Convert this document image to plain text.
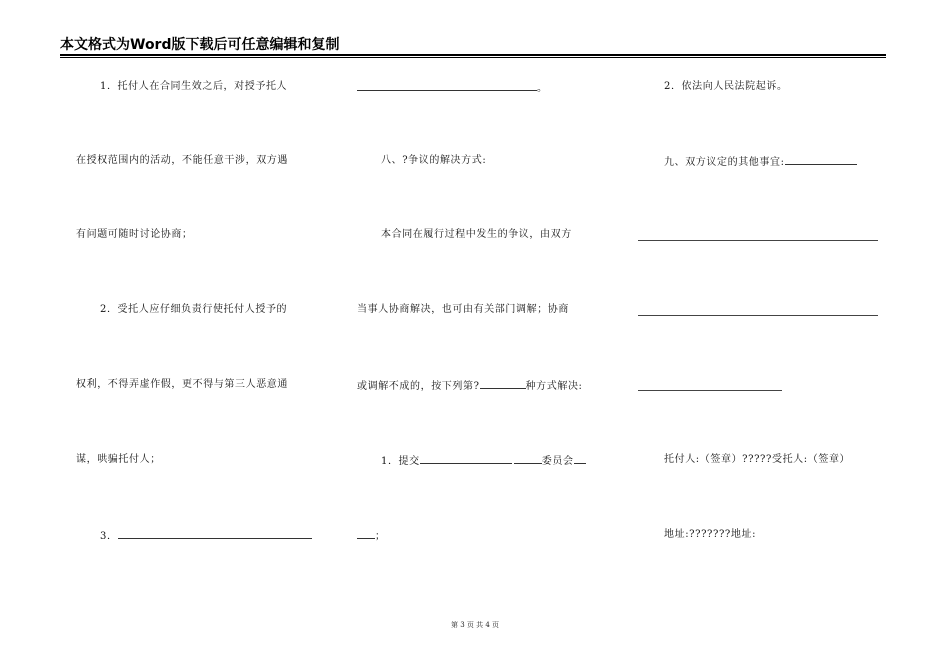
本文格式为Word版下载后可任意编辑和复制
1．托付人在合同生效之后，对授予托人
在授权范围内的活动，不能任意干涉，双方遇
有问题可随时讨论协商；
2．受托人应仔细负责行使托付人授予的
权利，不得弄虚作假，更不得与第三人恶意通
谋，哄骗托付人；
3．
。
八、?争议的解决方式:
本合同在履行过程中发生的争议，由双方
当事人协商解决，也可由有关部门调解；协商
或调解不成的，按下列第?	种方式解决:
1．提交	委员会
；
2．依法向人民法院起诉。
九、双方议定的其他事宜:
托付人:（签章）?????受托人:（签章）
地址:???????地址:
第 3 页 共 4 页
